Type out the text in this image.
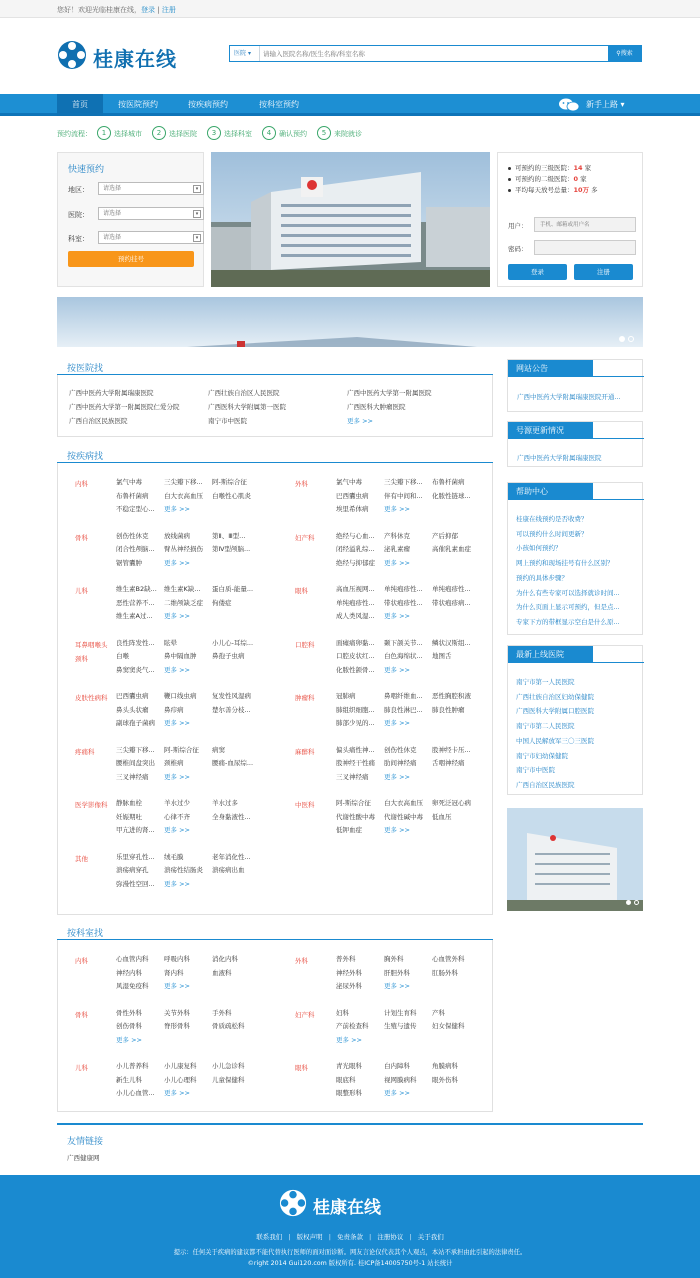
您好！欢迎光临桂康在线，登录 | 注册
桂康在线	医院 ▾
请输入医院名称/医生名称/科室名称	⚲搜索
首页	按医院预约	按疾病预约	按科室预约	新手上路 ▾
预约流程：	1	选择城市	2	选择医院	3	选择科室	4	确认预约	5	来院就诊
快速预约
地区：	请选择	▾
医院：	请选择	▾
科室：	请选择	▾
预约挂号
可预约的三级医院：14 家
可预约的二级医院：0 家
平均每天放号总量：10万 多
用户：
手机、邮箱或用户名
密码：
登录	注册
按医院找
按疾病找
按科室找
网站公告
广西中医药大学附属瑞康医院开通...
号源更新情况
广西中医药大学附属瑞康医院
帮助中心
最新上线医院
友情链接
广西健康网
桂康在线
联系我们 | 版权声明 | 免责条款 | 注册协议 | 关于我们
提示：任何关于疾病的建议都不能代替执行医师的面对面诊断。网友言论仅代表其个人观点，本站不承担由此引起的法律责任。
©right 2014 Gui120.com 版权所有. 桂ICP备14005750号-1 站长统计
广西中医药大学附属瑞康医院	广西壮族自治区人民医院	广西中医药大学第一附属医院
广西中医药大学第一附属医院仁爱分院	广西医科大学附属第一医院	广西医科大肿瘤医院
广西自治区民族医院	南宁市中医院	更多 >>
内科	氯气中毒	三尖瓣下移...	阿-斯综合征
布鲁杆菌病	白大衣高血压	白喉性心肌炎
不稳定型心...	更多 >>
外科	氯气中毒	三尖瓣下移...	布鲁杆菌病
巴西囊虫病	伴有中间和...	化脓性链球...
埃里希体病	更多 >>
骨科	创伤性休克	放线菌病	第Ⅱ、Ⅲ型...
闭合性颅脑...	臂丛神经损伤	第Ⅳ型颅脑...
锯管囊肿	更多 >>
妇产科	绝经与心血...	产科休克	产后抑郁
闭经溢乳综...	泌乳素瘤	高催乳素血症
绝经与抑郁症	更多 >>
儿科	维生素B2缺...	维生素K缺...	蛋白质-能量...
恶性营养不...	二维颅缺乏症	佝偻症
维生素A过...	更多 >>
眼科	高血压视网...	单纯疱疹性...	单纯疱疹性...
单纯疱疹性...	带状疱疹性...	带状疱疹病...
成人类风湿...	更多 >>
耳鼻咽喉头颈科
良性阵发性...	眩晕	小儿心-耳综...
白喉	鼻中隔血肿	鼻孢子虫病
鼻窦窦炎气...	更多 >>
口腔科	面瘫痛卵黏...	颞下颌关节...	鳞状汉斯组...
口腔皮状红...	白色海绵状...	地图舌
化脓性颌骨...	更多 >>
皮肤性病科	巴西囊虫病	鞭口线虫病	复发性风湿病
鼻头头状瘤	鼻疖病	楚尔善分枝...
副球孢子菌病	更多 >>
肿瘤科	冠肺病	鼻咽纤维血...	恶性胸腔积液
肺组织细胞...	肺良性淋巴...	肺良性肿瘤
肺部少见的...	更多 >>
疼痛科	三尖瓣下移...	阿-斯综合征	病窦
腰椎间盘突出	颈椎病	腰痛-血尿综...
三叉神经痛	更多 >>
麻醉科	偏头痛性神...	创伤性休克	股神经卡压...
股神经干性痛	肋间神经痛	舌咽神经痛
三叉神经痛	更多 >>
医学影像科	静脉血栓	羊水过少	羊水过多
妊娠期吐	心律不齐	全身黏液性...
甲亢进的肾...	更多 >>
中医科	阿-斯综合征	白大衣高血压	卵死泛冠心病
代谢性酸中毒	代谢性碱中毒	低血压
低钾血症	更多 >>
其他	乐里穿孔性...	绒毛膜	老年消化性...
溃疡病穿孔	溃疡性结肠炎	溃疡病出血
弥漫性空回...	更多 >>
内科	心血管内科	呼吸内科	消化内科
神经内科	肾内科	血液科
风湿免疫科	更多 >>
外科	普外科	胸外科	心血管外科
神经外科	肝胆外科	肛肠外科
泌尿外科	更多 >>
骨科	骨性外科	关节外科	手外科
创伤骨科	脊形骨科	骨质疏松科
更多 >>
妇产科	妇科	计划生育科	产科
产前检查科	生殖与遗传	妇女保健科
更多 >>
儿科	小儿普养科	小儿康复科	小儿急诊科
新生儿科	小儿心理科	儿童保健科
小儿心血管...	更多 >>
眼科	青光眼科	白内障科	角膜病科
眼底科	视网膜病科	眼外伤科
眼整形科	更多 >>
桂康在线预约是否收费？
可以预约什么时间更新？
小孩如何预约？
网上预约和现场挂号有什么区别？
预约的具体步骤？
为什么有些专家可以选择就诊时间...
为什么页面上显示可预约，但是点...
专家下方的带框显示空白是什么原...
南宁市第一人民医院
广西壮族自治区妇幼保健院
广西医科大学附属口腔医院
南宁市第二人民医院
中国人民解放军三〇三医院
南宁市妇幼保健院
南宁市中医院
广西自治区民族医院
